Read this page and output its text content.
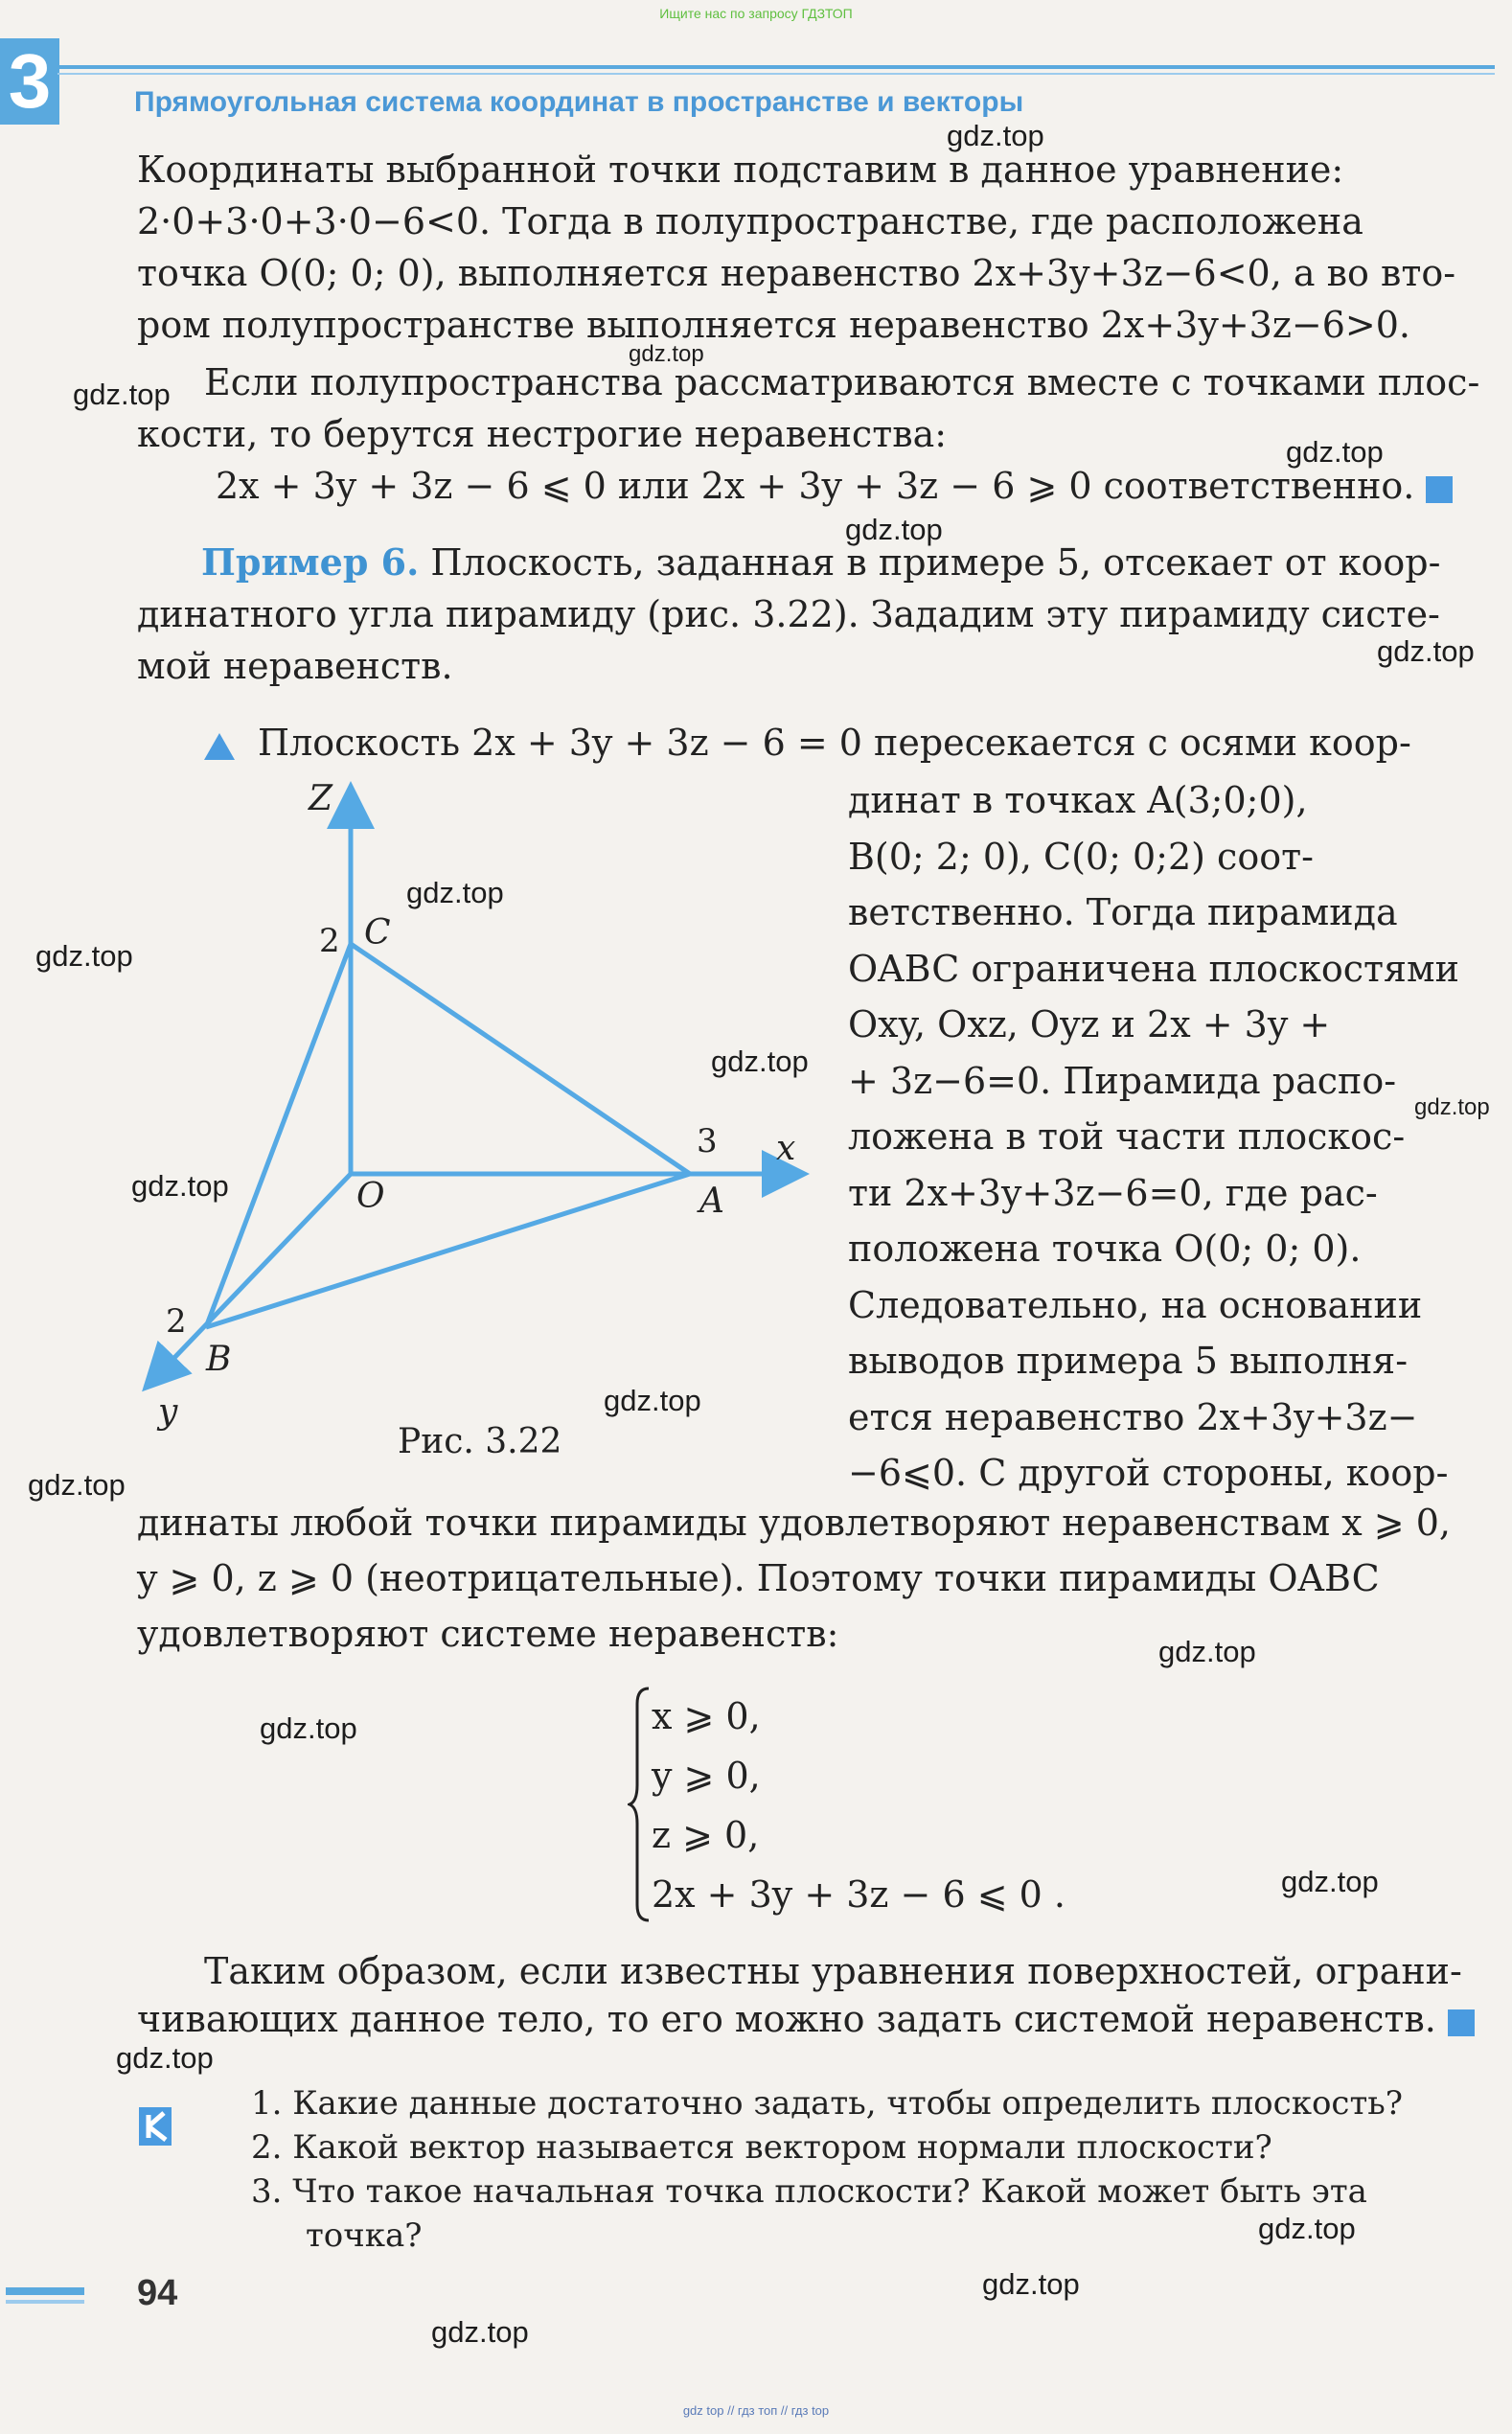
Ищите нас по запросу ГДЗТОП
3	Прямоугольная система координат в пространстве и векторы
Координаты выбранной точки подставим в данное уравнение:
2·0+3·0+3·0−6<0. Тогда в полупространстве, где расположена
точка O(0; 0; 0), выполняется неравенство 2x+3y+3z−6<0, а во вто-
ром полупространстве выполняется неравенство 2x+3y+3z−6>0.
Если полупространства рассматриваются вместе с точками плос-
кости, то берутся нестрогие неравенства:
2x + 3y + 3z − 6 ⩽ 0 или 2x + 3y + 3z − 6 ⩾ 0 соответственно.
Пример 6. Плоскость, заданная в примере 5, отсекает от коор-
динатного угла пирамиду (рис. 3.22). Зададим эту пирамиду систе-
мой неравенств.
Плоскость 2x + 3y + 3z − 6 = 0 пересекается с осями коор-
динат в точках A(3;0;0),
B(0; 2; 0), C(0; 0;2) соот-
ветственно. Тогда пирамида
OABC ограничена плоскостями
Oxy, Oxz, Oyz и 2x + 3y +
+ 3z−6=0. Пирамида распо-
ложена в той части плоскос-
ти 2x+3y+3z−6=0, где рас-
положена точка O(0; 0; 0).
Следовательно, на основании
выводов примера 5 выполня-
ется неравенство 2x+3y+3z−
−6⩽0. С другой стороны, коор-
Z
x
y
O	A
B
C
2
3
2
Рис. 3.22
динаты любой точки пирамиды удовлетворяют неравенствам x ⩾ 0,
y ⩾ 0, z ⩾ 0 (неотрицательные). Поэтому точки пирамиды OABC
удовлетворяют системе неравенств:
x ⩾ 0,
y ⩾ 0,
z ⩾ 0,
2x + 3y + 3z − 6 ⩽ 0 .
Таким образом, если известны уравнения поверхностей, ограни-
чивающих данное тело, то его можно задать системой неравенств.
1. Какие данные достаточно задать, чтобы определить плоскость?
2. Какой вектор называется вектором нормали плоскости?
3. Что такое начальная точка плоскости? Какой может быть эта
точка?
gdz.top
gdz.top
gdz.top
gdz.top
gdz.top
gdz.top
gdz.top
gdz.top
gdz.top
gdz.top
gdz.top
gdz.top
gdz.top
gdz.top
gdz.top
gdz.top
gdz.top
gdz.top
gdz.top
gdz.top
94
gdz top // гдз топ // гдз top
